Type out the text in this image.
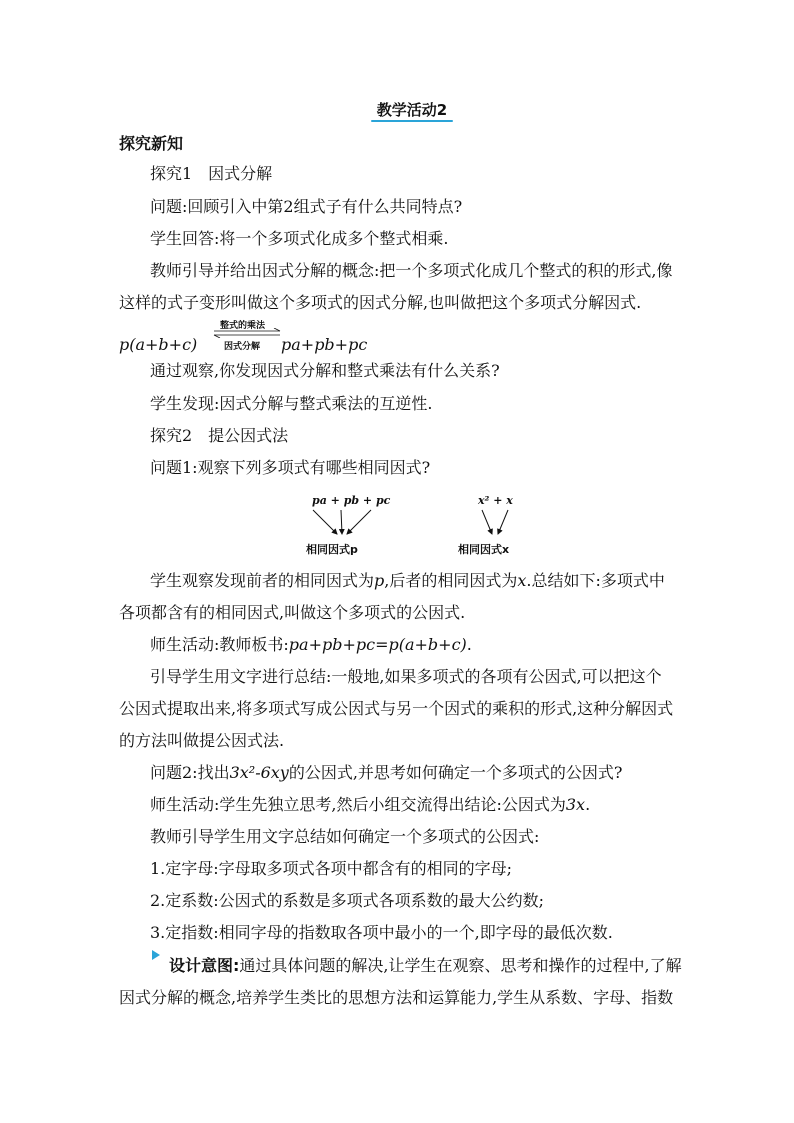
教学活动2
探究新知
探究1　因式分解
问题:回顾引入中第2组式子有什么共同特点?
学生回答:将一个多项式化成多个整式相乘.
教师引导并给出因式分解的概念:把一个多项式化成几个整式的积的形式,像
这样的式子变形叫做这个多项式的因式分解,也叫做把这个多项式分解因式.
p(a+b+c)
整式的乘法
因式分解 pa+pb+pc
通过观察,你发现因式分解和整式乘法有什么关系?
学生发现:因式分解与整式乘法的互逆性.
探究2　提公因式法
问题1:观察下列多项式有哪些相同因式?
pa + pb + pc
相同因式p
x² + x
相同因式x
学生观察发现前者的相同因式为p,后者的相同因式为x.总结如下:多项式中
各项都含有的相同因式,叫做这个多项式的公因式.
师生活动:教师板书:pa+pb+pc=p(a+b+c).
引导学生用文字进行总结:一般地,如果多项式的各项有公因式,可以把这个
公因式提取出来,将多项式写成公因式与另一个因式的乘积的形式,这种分解因式
的方法叫做提公因式法.
问题2:找出3x²-6xy的公因式,并思考如何确定一个多项式的公因式?
师生活动:学生先独立思考,然后小组交流得出结论:公因式为3x.
教师引导学生用文字总结如何确定一个多项式的公因式:
1.定字母:字母取多项式各项中都含有的相同的字母;
2.定系数:公因式的系数是多项式各项系数的最大公约数;
3.定指数:相同字母的指数取各项中最小的一个,即字母的最低次数.
设计意图:通过具体问题的解决,让学生在观察、思考和操作的过程中,了解
因式分解的概念,培养学生类比的思想方法和运算能力,学生从系数、字母、指数
